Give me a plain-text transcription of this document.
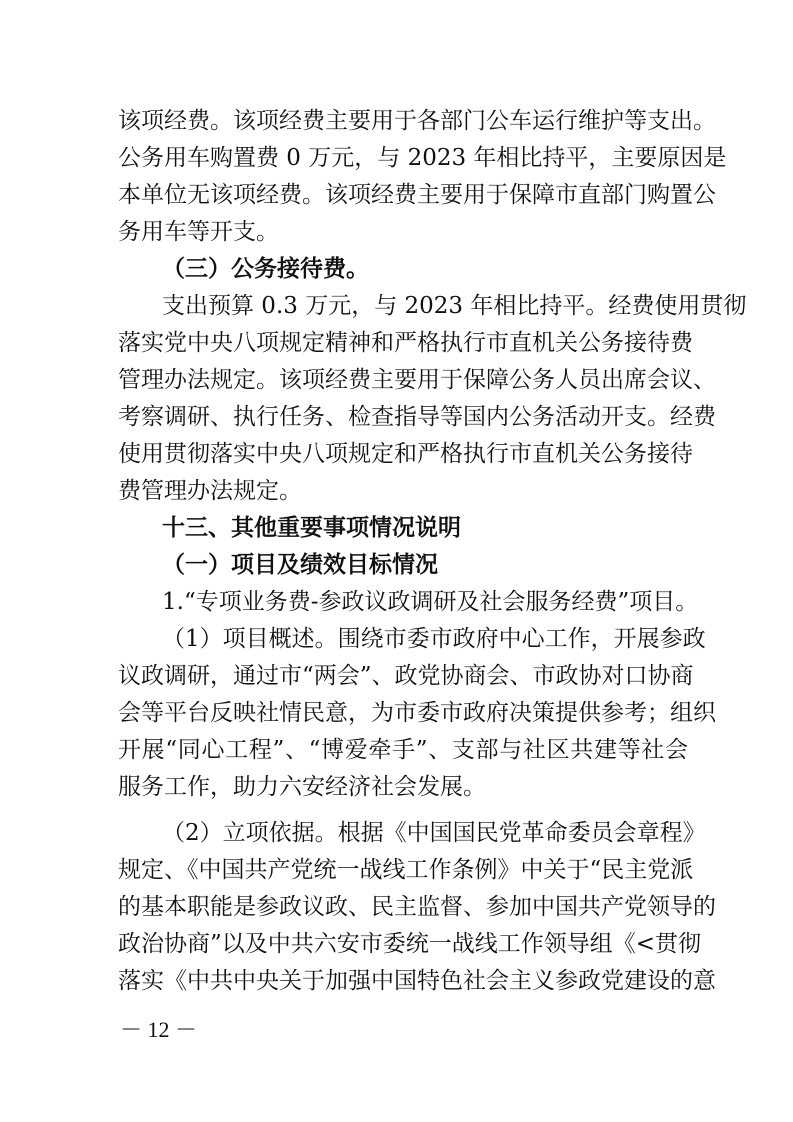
该项经费。该项经费主要用于各部门公车运行维护等支出。
公务用车购置费 0 万元，与 2023 年相比持平，主要原因是
本单位无该项经费。该项经费主要用于保障市直部门购置公
务用车等开支。
（三）公务接待费。
支出预算 0.3 万元，与 2023 年相比持平。经费使用贯彻
落实党中央八项规定精神和严格执行市直机关公务接待费
管理办法规定。该项经费主要用于保障公务人员出席会议、
考察调研、执行任务、检查指导等国内公务活动开支。经费
使用贯彻落实中央八项规定和严格执行市直机关公务接待
费管理办法规定。
十三、其他重要事项情况说明
（一）项目及绩效目标情况
1.“专项业务费-参政议政调研及社会服务经费”项目。
（1）项目概述。围绕市委市政府中心工作，开展参政
议政调研，通过市“两会”、政党协商会、市政协对口协商
会等平台反映社情民意，为市委市政府决策提供参考；组织
开展“同心工程”、“博爱牵手”、支部与社区共建等社会
服务工作，助力六安经济社会发展。
（2）立项依据。根据《中国国民党革命委员会章程》
规定、《中国共产党统一战线工作条例》中关于“民主党派
的基本职能是参政议政、民主监督、参加中国共产党领导的
政治协商”以及中共六安市委统一战线工作领导组《<贯彻
落实《中共中央关于加强中国特色社会主义参政党建设的意
－ 12 －
